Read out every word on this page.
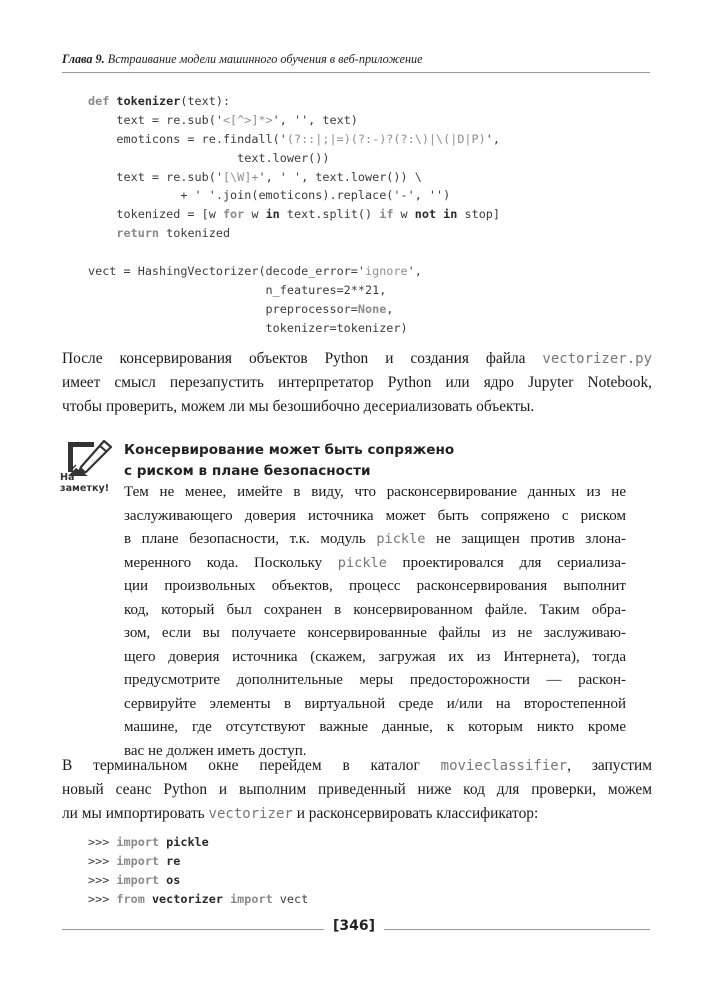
Глава 9. Встраивание модели машинного обучения в веб-приложение
def tokenizer(text):
text = re.sub('<[^>]*>', '', text)
emoticons = re.findall('(?::|;|=)(?:-)?(?:\)|\(|D|P)',
text.lower())
text = re.sub('[\W]+', ' ', text.lower()) \
+ ' '.join(emoticons).replace('-', '')
tokenized = [w for w in text.split() if w not in stop]
return tokenized
vect = HashingVectorizer(decode_error='ignore',
n_features=2**21,
preprocessor=None,
tokenizer=tokenizer)

После консервирования объектов Python и создания файла vectorizer.py
имеет смысл перезапустить интерпретатор Python или ядро Jupyter Notebook,
чтобы проверить, можем ли мы безошибочно десериализовать объекты.

На
заметку!
Консервирование может быть сопряжено
с риском в плане безопасности

Тем не менее, имейте в виду, что расконсервирование данных из не
заслуживающего доверия источника может быть сопряжено с риском
в плане безопасности, т.к. модуль pickle не защищен против злона-
меренного кода. Поскольку pickle проектировался для сериализа-
ции произвольных объектов, процесс расконсервирования выполнит
код, который был сохранен в консервированном файле. Таким обра-
зом, если вы получаете консервированные файлы из не заслуживаю-
щего доверия источника (скажем, загружая их из Интернета), тогда
предусмотрите дополнительные меры предосторожности — раскон-
сервируйте элементы в виртуальной среде и/или на второстепенной
машине, где отсутствуют важные данные, к которым никто кроме
вас не должен иметь доступ.

В терминальном окне перейдем в каталог movieclassifier, запустим
новый сеанс Python и выполним приведенный ниже код для проверки, можем
ли мы импортировать vectorizer и расконсервировать классификатор:

>>> import pickle
>>> import re
>>> import os
>>> from vectorizer import vect
[346]
